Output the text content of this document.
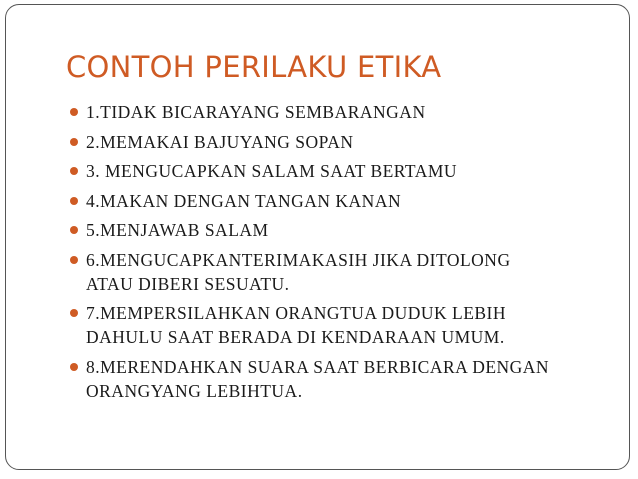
CONTOH PERILAKU ETIKA
1.TIDAK BICARAYANG SEMBARANGAN
2.MEMAKAI BAJUYANG SOPAN
3. MENGUCAPKAN SALAM SAAT BERTAMU
4.MAKAN DENGAN TANGAN KANAN
5.MENJAWAB SALAM
6.MENGUCAPKANTERIMAKASIH JIKA DITOLONG
ATAU DIBERI SESUATU.
7.MEMPERSILAHKAN ORANGTUA DUDUK LEBIH
DAHULU SAAT BERADA DI KENDARAAN UMUM.
8.MERENDAHKAN SUARA SAAT BERBICARA DENGAN
ORANGYANG LEBIHTUA.
